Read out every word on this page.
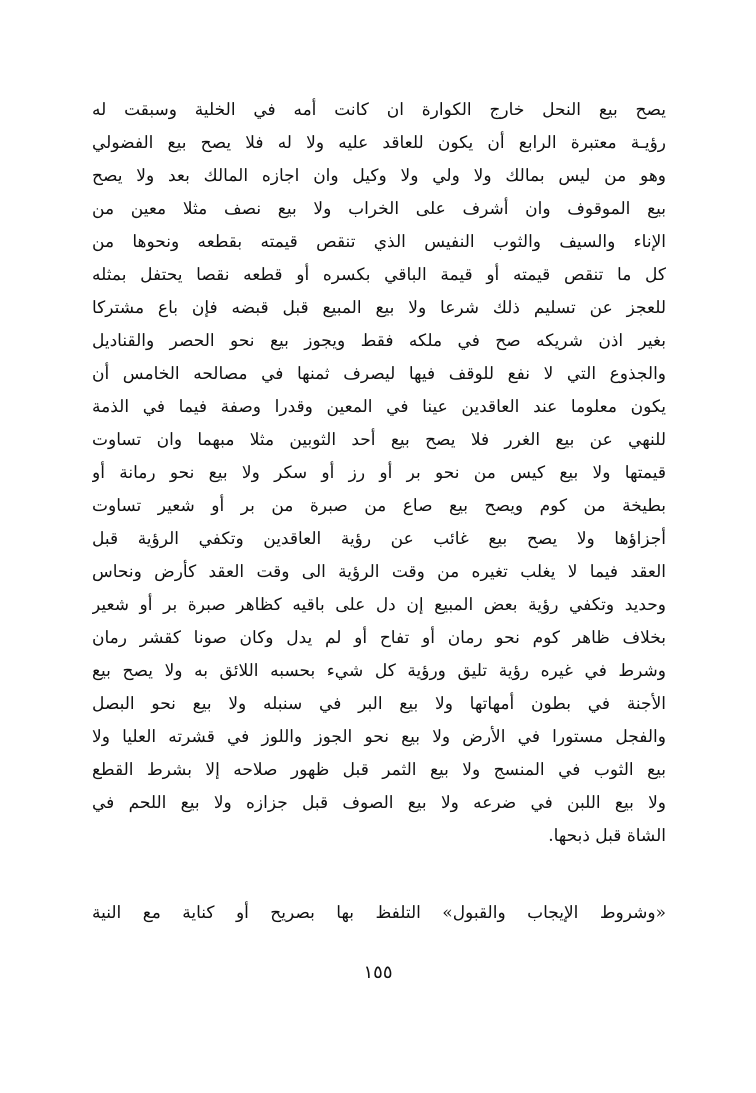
يصح بيع النحل خارج الكوارة ان كانت أمه في الخلية وسبقت له
رؤيـة معتبرة الرابع أن يكون للعاقد عليه ولا له فلا يصح بيع الفضولي
وهو من ليس بمالك ولا ولي ولا وكيل وان اجازه المالك بعد ولا يصح
بيع الموقوف وان أشرف على الخراب ولا بيع نصف مثلا معين من
الإناء والسيف والثوب النفيس الذي تنقص قيمته بقطعه ونحوها من
كل ما تنقص قيمته أو قيمة الباقي بكسره أو قطعه نقصا يحتفل بمثله
للعجز عن تسليم ذلك شرعا ولا بيع المبيع قبل قبضه فإن باع مشتركا
بغير اذن شريكه صح في ملكه فقط ويجوز بيع نحو الحصر والقناديل
والجذوع التي لا نفع للوقف فيها ليصرف ثمنها في مصالحه الخامس أن
يكون معلوما عند العاقدين عينا في المعين وقدرا وصفة فيما في الذمة
للنهي عن بيع الغرر فلا يصح بيع أحد الثوبين مثلا مبهما وان تساوت
قيمتها ولا بيع كيس من نحو بر أو رز أو سكر ولا بيع نحو رمانة أو
بطيخة من كوم ويصح بيع صاع من صبرة من بر أو شعير تساوت
أجزاؤها ولا يصح بيع غائب عن رؤية العاقدين وتكفي الرؤية قبل
العقد فيما لا يغلب تغيره من وقت الرؤية الى وقت العقد كأرض ونحاس
وحديد وتكفي رؤية بعض المبيع إن دل على باقيه كظاهر صبرة بر أو شعير
بخلاف ظاهر كوم نحو رمان أو تفاح أو لم يدل وكان صونا كقشر رمان
وشرط في غيره رؤية تليق ورؤية كل شيء بحسبه اللائق به ولا يصح بيع
الأجنة في بطون أمهاتها ولا بيع البر في سنبله ولا بيع نحو البصل
والفجل مستورا في الأرض ولا بيع نحو الجوز واللوز في قشرته العليا ولا
بيع الثوب في المنسج ولا بيع الثمر قبل ظهور صلاحه إلا بشرط القطع
ولا بيع اللبن في ضرعه ولا بيع الصوف قبل جزازه ولا بيع اللحم في
الشاة قبل ذبحها.
«وشروط الإيجاب والقبول» التلفظ بها بصريح أو كناية مع النية
١٥٥
